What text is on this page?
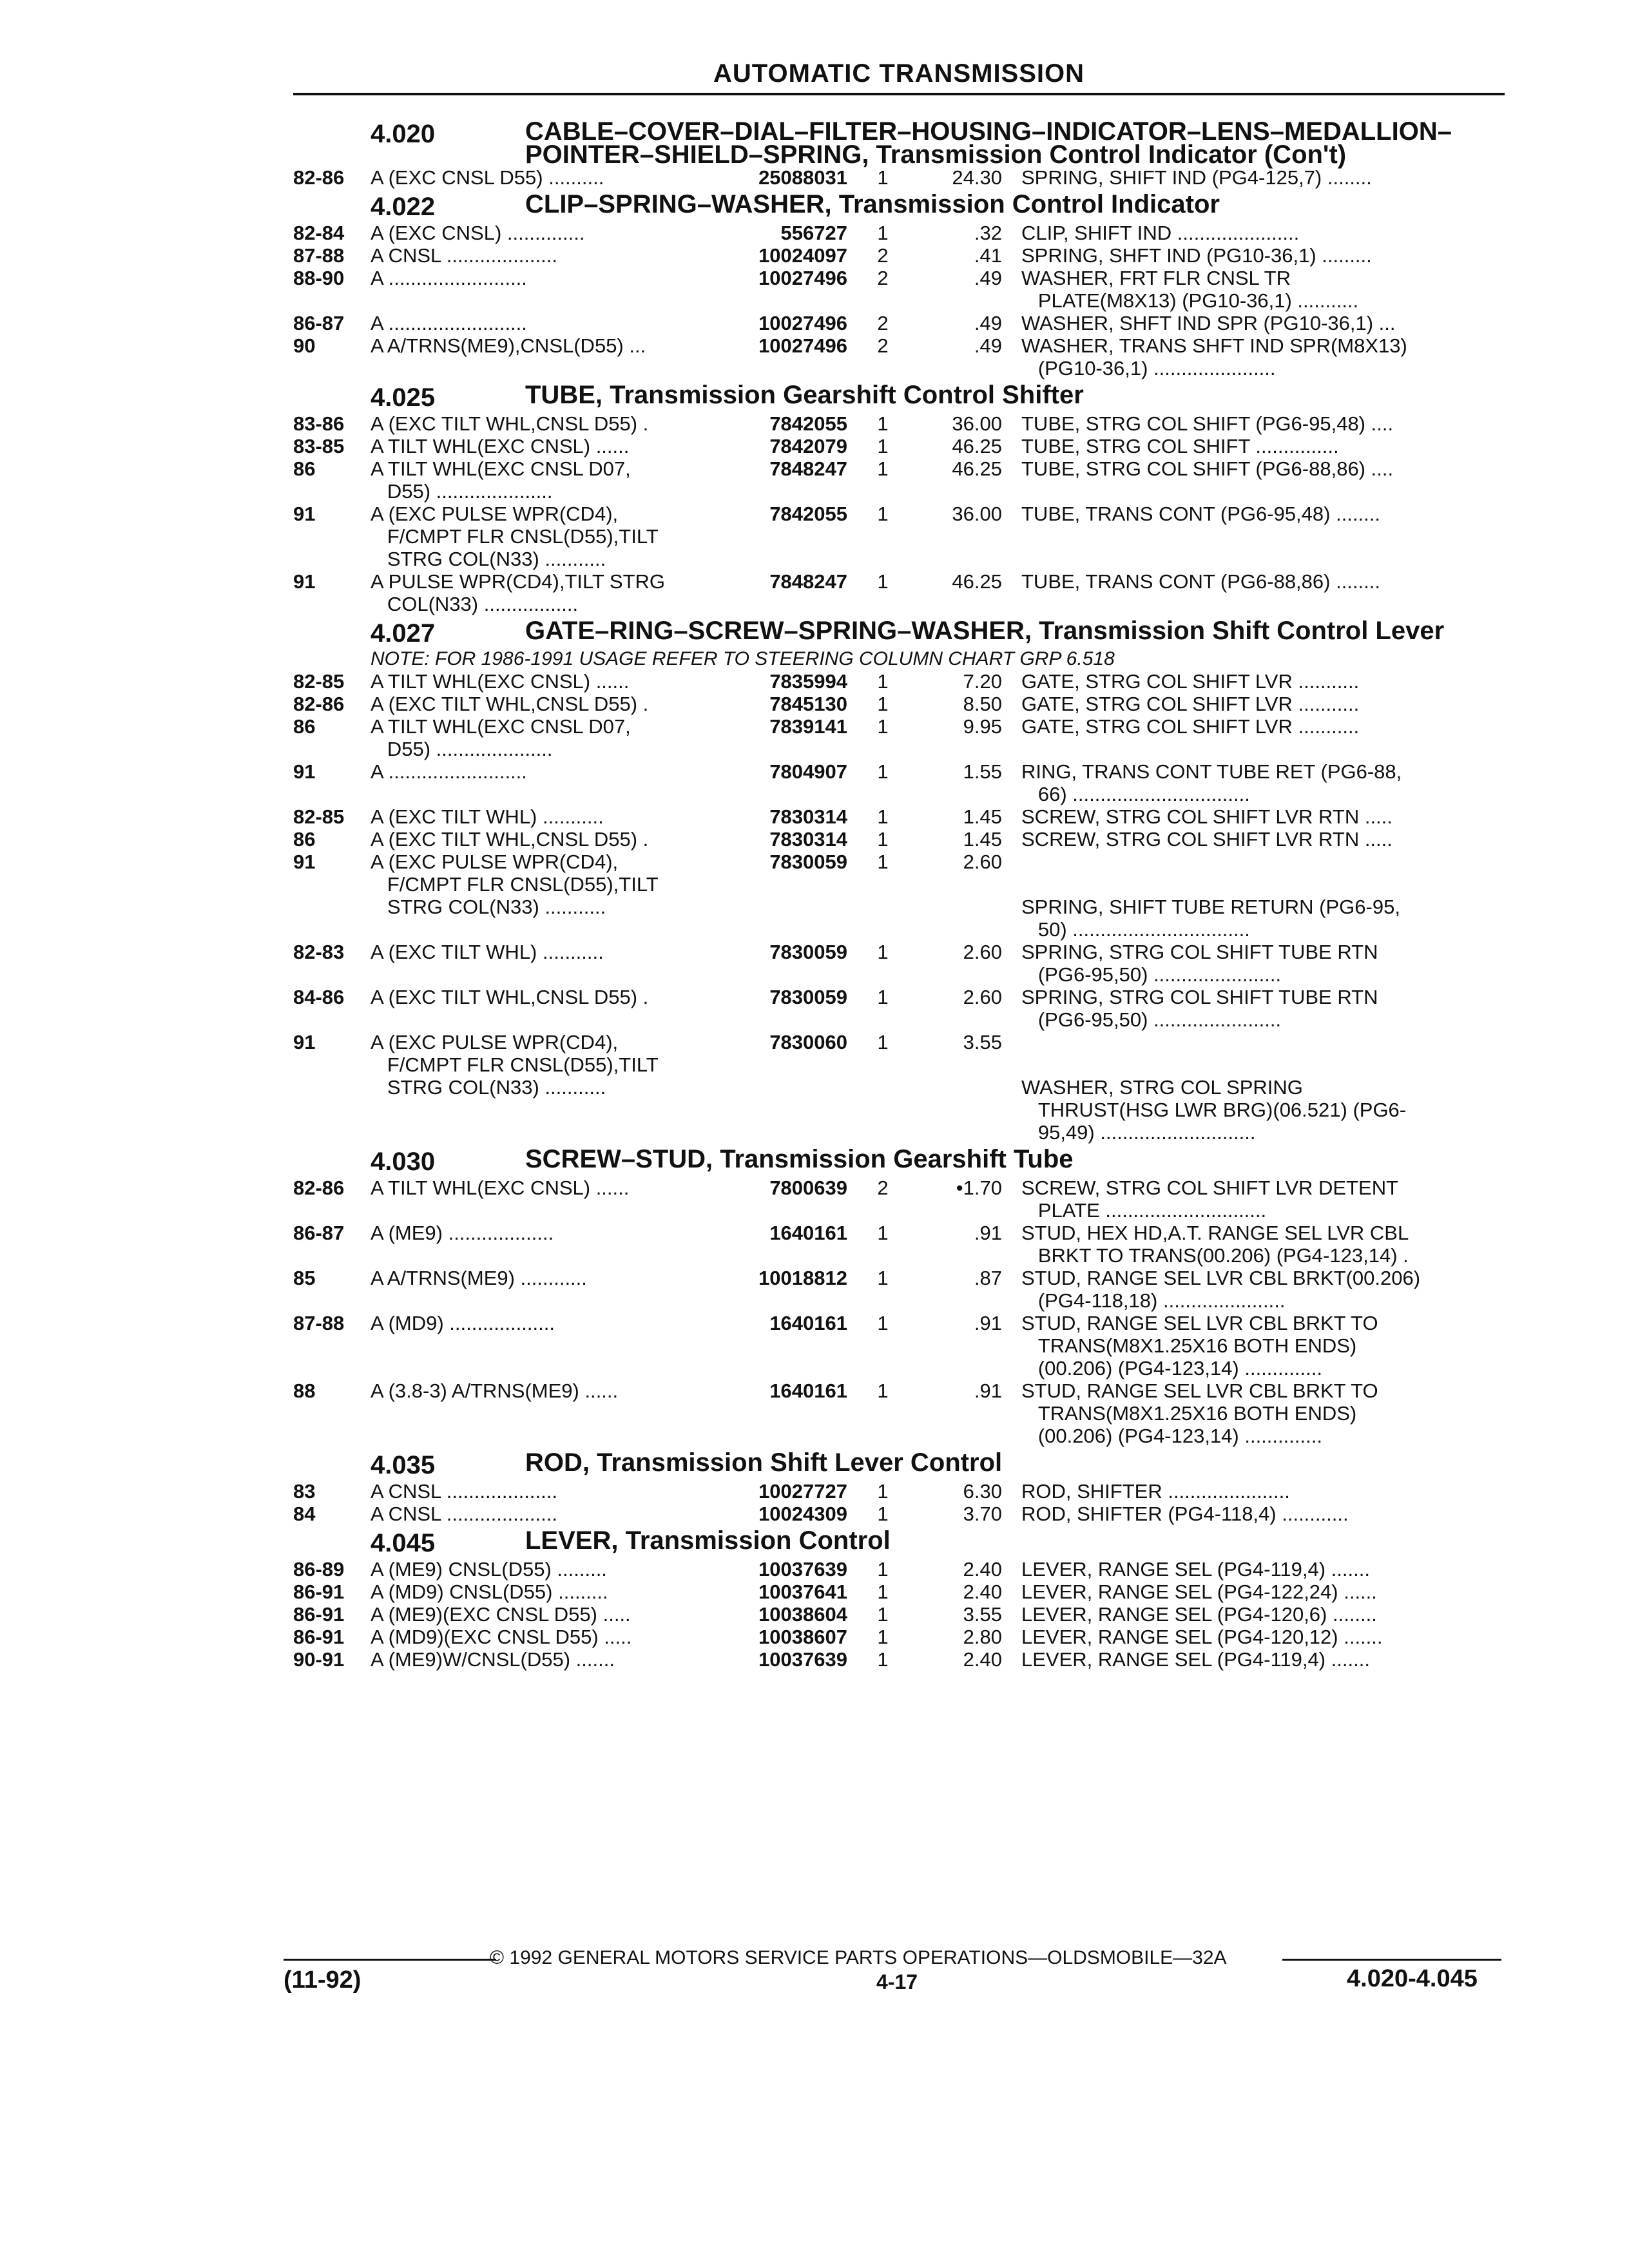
AUTOMATIC TRANSMISSION
4.020	CABLE–COVER–DIAL–FILTER–HOUSING–INDICATOR–LENS–MEDALLION–POINTER–SHIELD–SPRING, Transmission Control Indicator (Con't)
82-86	A (EXC CNSL D55) ..........	25088031	1	24.30 SPRING, SHIFT IND (PG4-125,7) ........
4.022	CLIP–SPRING–WASHER, Transmission Control Indicator
82-84	A (EXC CNSL) ..............	556727	1	.32 CLIP, SHIFT IND ......................
87-88	A CNSL ....................	10024097	2	.41 SPRING, SHFT IND (PG10-36,1) .........
88-90	A .........................	10027496	2	.49 WASHER, FRT FLR CNSL TR
PLATE(M8X13) (PG10-36,1) ...........
86-87	A .........................	10027496	2	.49 WASHER, SHFT IND SPR (PG10-36,1) ...
90	A A/TRNS(ME9),CNSL(D55) ...	10027496	2	.49 WASHER, TRANS SHFT IND SPR(M8X13)
(PG10-36,1) ......................
4.025	TUBE, Transmission Gearshift Control Shifter
83-86	A (EXC TILT WHL,CNSL D55) .	7842055	1	36.00 TUBE, STRG COL SHIFT (PG6-95,48) ....
83-85	A TILT WHL(EXC CNSL) ......	7842079	1	46.25 TUBE, STRG COL SHIFT ...............
86	A TILT WHL(EXC CNSL D07,
D55) .....................
7848247	1	46.25 TUBE, STRG COL SHIFT (PG6-88,86) ....
91	A (EXC PULSE WPR(CD4),
F/CMPT FLR CNSL(D55),TILT
STRG COL(N33) ...........
7842055	1	36.00 TUBE, TRANS CONT (PG6-95,48) ........
91	A PULSE WPR(CD4),TILT STRG
COL(N33) .................
7848247	1	46.25 TUBE, TRANS CONT (PG6-88,86) ........
4.027	GATE–RING–SCREW–SPRING–WASHER, Transmission Shift Control Lever
NOTE: FOR 1986-1991 USAGE REFER TO STEERING COLUMN CHART GRP 6.518
82-85	A TILT WHL(EXC CNSL) ......	7835994	1	7.20 GATE, STRG COL SHIFT LVR ...........
82-86	A (EXC TILT WHL,CNSL D55) .	7845130	1	8.50 GATE, STRG COL SHIFT LVR ...........
86	A TILT WHL(EXC CNSL D07,
D55) .....................
7839141	1	9.95 GATE, STRG COL SHIFT LVR ...........
91	A .........................	7804907	1	1.55 RING, TRANS CONT TUBE RET (PG6-88,
66) ................................
82-85	A (EXC TILT WHL) ...........	7830314	1	1.45 SCREW, STRG COL SHIFT LVR RTN .....
86	A (EXC TILT WHL,CNSL D55) .	7830314	1	1.45 SCREW, STRG COL SHIFT LVR RTN .....
91	A (EXC PULSE WPR(CD4),
F/CMPT FLR CNSL(D55),TILT
STRG COL(N33) ...........
7830059	1	2.60

SPRING, SHIFT TUBE RETURN (PG6-95,
50) ................................
82-83	A (EXC TILT WHL) ...........	7830059	1	2.60 SPRING, STRG COL SHIFT TUBE RTN
(PG6-95,50) .......................
84-86	A (EXC TILT WHL,CNSL D55) .	7830059	1	2.60 SPRING, STRG COL SHIFT TUBE RTN
(PG6-95,50) .......................
91	A (EXC PULSE WPR(CD4),
F/CMPT FLR CNSL(D55),TILT
STRG COL(N33) ...........
7830060	1	3.55

WASHER, STRG COL SPRING
THRUST(HSG LWR BRG)(06.521) (PG6-
95,49) ............................
4.030	SCREW–STUD, Transmission Gearshift Tube
82-86	A TILT WHL(EXC CNSL) ......	7800639	2	•1.70 SCREW, STRG COL SHIFT LVR DETENT
PLATE .............................
86-87	A (ME9) ...................	1640161	1	.91 STUD, HEX HD,A.T. RANGE SEL LVR CBL
BRKT TO TRANS(00.206) (PG4-123,14) .
85	A A/TRNS(ME9) ............	10018812	1	.87 STUD, RANGE SEL LVR CBL BRKT(00.206)
(PG4-118,18) ......................
87-88	A (MD9) ...................	1640161	1	.91 STUD, RANGE SEL LVR CBL BRKT TO
TRANS(M8X1.25X16 BOTH ENDS)
(00.206) (PG4-123,14) ..............
88	A (3.8-3) A/TRNS(ME9) ......	1640161	1	.91 STUD, RANGE SEL LVR CBL BRKT TO
TRANS(M8X1.25X16 BOTH ENDS)
(00.206) (PG4-123,14) ..............
4.035	ROD, Transmission Shift Lever Control
83	A CNSL ....................	10027727	1	6.30 ROD, SHIFTER ......................
84	A CNSL ....................	10024309	1	3.70 ROD, SHIFTER (PG4-118,4) ............
4.045	LEVER, Transmission Control
86-89	A (ME9) CNSL(D55) .........	10037639	1	2.40 LEVER, RANGE SEL (PG4-119,4) .......
86-91	A (MD9) CNSL(D55) .........	10037641	1	2.40 LEVER, RANGE SEL (PG4-122,24) ......
86-91	A (ME9)(EXC CNSL D55) .....	10038604	1	3.55 LEVER, RANGE SEL (PG4-120,6) ........
86-91	A (MD9)(EXC CNSL D55) .....	10038607	1	2.80 LEVER, RANGE SEL (PG4-120,12) .......
90-91	A (ME9)W/CNSL(D55) .......	10037639	1	2.40 LEVER, RANGE SEL (PG4-119,4) .......
© 1992 GENERAL MOTORS SERVICE PARTS OPERATIONS—OLDSMOBILE—32A
(11-92)	4-17	4.020-4.045
